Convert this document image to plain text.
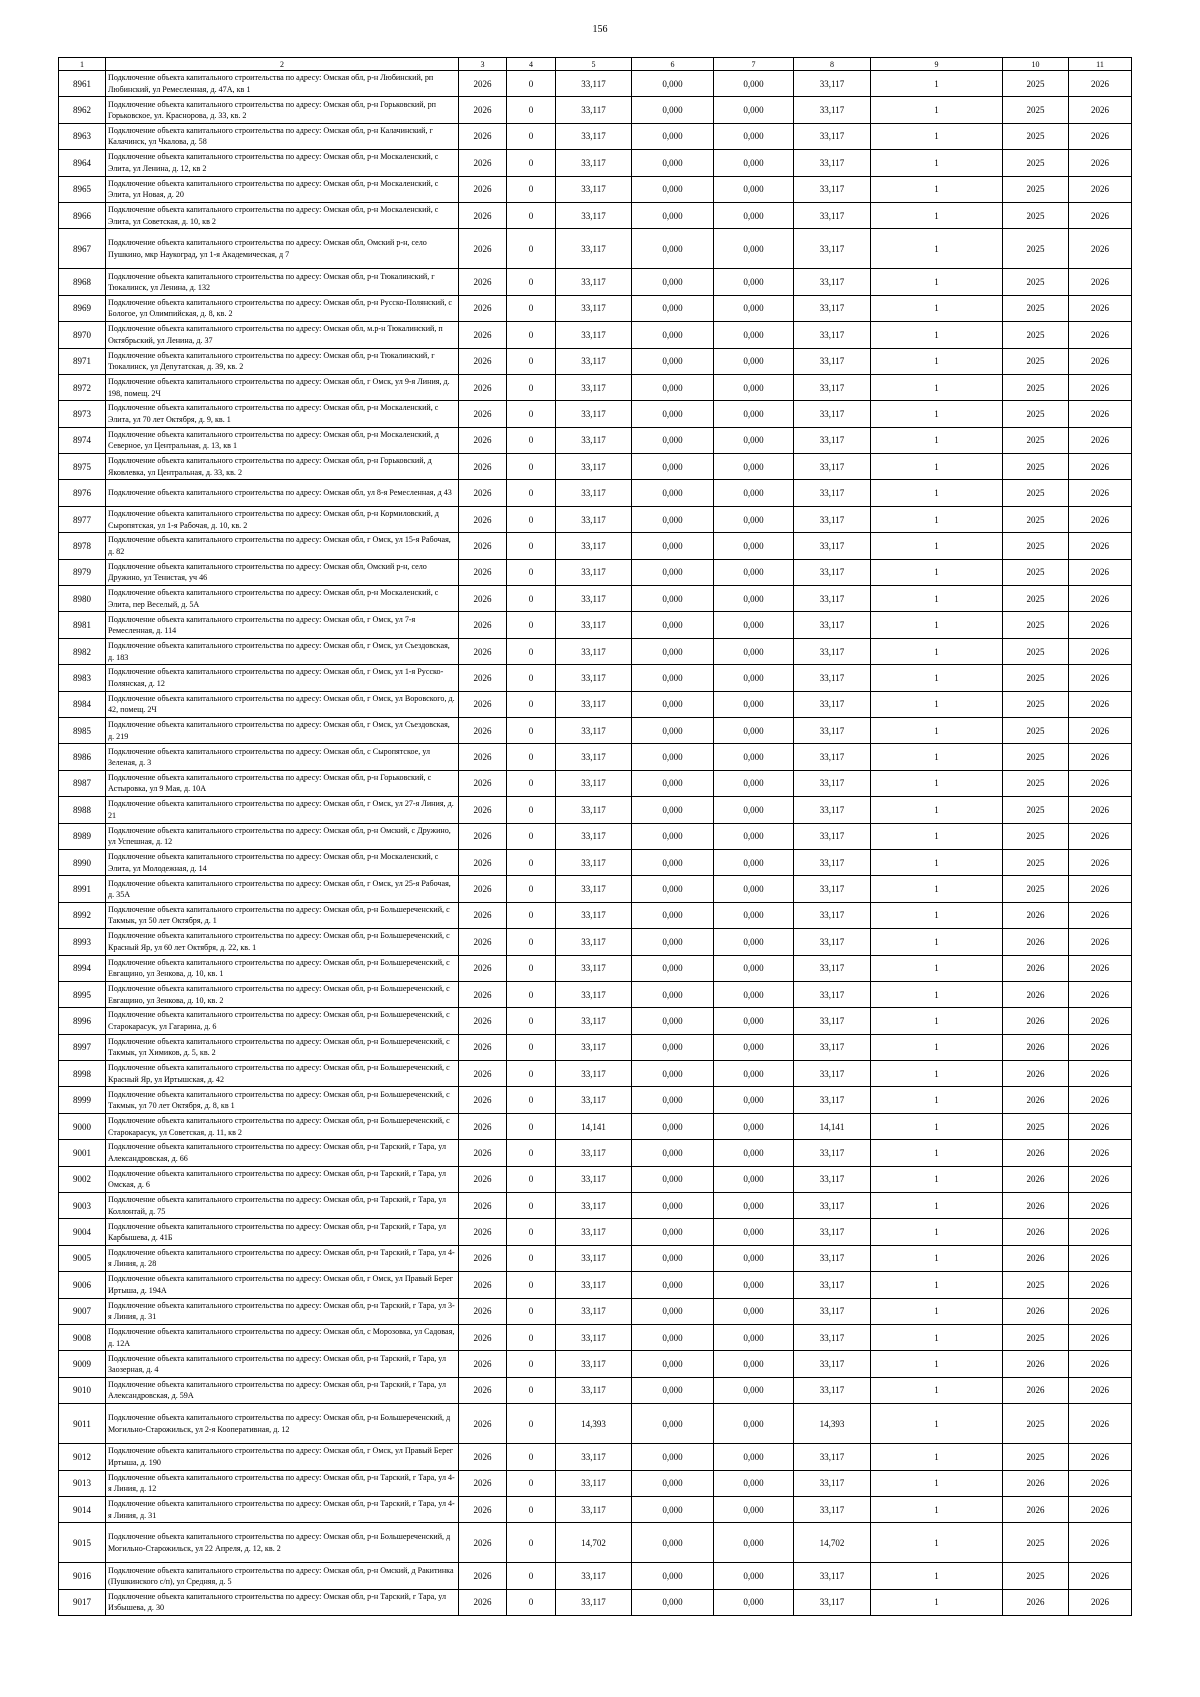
156
1	2	3	4	5	6	7	8	9	10	11
8961	Подключение объекта капитального строительства по адресу: Омская обл, р-н Любинский, рп Любинский, ул Ремесленная, д. 47А, кв 1	2026	0	33,117	0,000	0,000	33,117	1	2025	2026
8962	Подключение объекта капитального строительства по адресу: Омская обл, р-н Горьковский, рп Горьковское, ул. Краснорова, д. 33, кв. 2	2026	0	33,117	0,000	0,000	33,117	1	2025	2026
8963	Подключение объекта капитального строительства по адресу: Омская обл, р-н Калачинский, г Калачинск, ул Чкалова, д. 58	2026	0	33,117	0,000	0,000	33,117	1	2025	2026
8964	Подключение объекта капитального строительства по адресу: Омская обл, р-н Москаленский, с Элита, ул Ленина, д. 12, кв 2	2026	0	33,117	0,000	0,000	33,117	1	2025	2026
8965	Подключение объекта капитального строительства по адресу: Омская обл, р-н Москаленский, с Элита, ул Новая, д. 20	2026	0	33,117	0,000	0,000	33,117	1	2025	2026
8966	Подключение объекта капитального строительства по адресу: Омская обл, р-н Москаленский, с Элита, ул Советская, д. 10, кв 2	2026	0	33,117	0,000	0,000	33,117	1	2025	2026
8967	Подключение объекта капитального строительства по адресу: Омская обл, Омский р-н, село Пушкино, мкр Наукоград, ул 1-я Академическая, д 7	2026	0	33,117	0,000	0,000	33,117	1	2025	2026
8968	Подключение объекта капитального строительства по адресу: Омская обл, р-н Тюкалинский, г Тюкалинск, ул Ленина, д. 132	2026	0	33,117	0,000	0,000	33,117	1	2025	2026
8969	Подключение объекта капитального строительства по адресу: Омская обл, р-н Русско-Полянский, с Бологое, ул Олимпийская, д. 8, кв. 2	2026	0	33,117	0,000	0,000	33,117	1	2025	2026
8970	Подключение объекта капитального строительства по адресу: Омская обл, м.р-н Тюкалинский, п Октябрьский, ул Ленина, д. 37	2026	0	33,117	0,000	0,000	33,117	1	2025	2026
8971	Подключение объекта капитального строительства по адресу: Омская обл, р-н Тюкалинский, г Тюкалинск, ул Депутатская, д. 39, кв. 2	2026	0	33,117	0,000	0,000	33,117	1	2025	2026
8972	Подключение объекта капитального строительства по адресу: Омская обл, г Омск, ул 9-я Линия, д. 198, помещ. 2Ч	2026	0	33,117	0,000	0,000	33,117	1	2025	2026
8973	Подключение объекта капитального строительства по адресу: Омская обл, р-н Москаленский, с Элита, ул 70 лет Октября, д. 9, кв. 1	2026	0	33,117	0,000	0,000	33,117	1	2025	2026
8974	Подключение объекта капитального строительства по адресу: Омская обл, р-н Москаленский, д Северное, ул Центральная, д. 13, кв 1	2026	0	33,117	0,000	0,000	33,117	1	2025	2026
8975	Подключение объекта капитального строительства по адресу: Омская обл, р-н Горьковский, д Яковлевка, ул Центральная, д. 33, кв. 2	2026	0	33,117	0,000	0,000	33,117	1	2025	2026
8976	Подключение объекта капитального строительства по адресу: Омская обл, ул 8-я Ремесленная, д 43	2026	0	33,117	0,000	0,000	33,117	1	2025	2026
8977	Подключение объекта капитального строительства по адресу: Омская обл, р-н Кормиловский, д Сыропятская, ул 1-я Рабочая, д. 10, кв. 2	2026	0	33,117	0,000	0,000	33,117	1	2025	2026
8978	Подключение объекта капитального строительства по адресу: Омская обл, г Омск, ул 15-я Рабочая, д. 82	2026	0	33,117	0,000	0,000	33,117	1	2025	2026
8979	Подключение объекта капитального строительства по адресу: Омская обл, Омский р-н, село Дружино, ул Тенистая, уч 46	2026	0	33,117	0,000	0,000	33,117	1	2025	2026
8980	Подключение объекта капитального строительства по адресу: Омская обл, р-н Москаленский, с Элита, пер Веселый, д. 5А	2026	0	33,117	0,000	0,000	33,117	1	2025	2026
8981	Подключение объекта капитального строительства по адресу: Омская обл, г Омск, ул 7-я Ремесленная, д. 114	2026	0	33,117	0,000	0,000	33,117	1	2025	2026
8982	Подключение объекта капитального строительства по адресу: Омская обл, г Омск, ул Съездовская, д. 183	2026	0	33,117	0,000	0,000	33,117	1	2025	2026
8983	Подключение объекта капитального строительства по адресу: Омская обл, г Омск, ул 1-я Русско-Полянская, д. 12	2026	0	33,117	0,000	0,000	33,117	1	2025	2026
8984	Подключение объекта капитального строительства по адресу: Омская обл, г Омск, ул Воровского, д. 42, помещ. 2Ч	2026	0	33,117	0,000	0,000	33,117	1	2025	2026
8985	Подключение объекта капитального строительства по адресу: Омская обл, г Омск, ул Съездовская, д. 219	2026	0	33,117	0,000	0,000	33,117	1	2025	2026
8986	Подключение объекта капитального строительства по адресу: Омская обл, с Сыропятское, ул Зеленая, д. 3	2026	0	33,117	0,000	0,000	33,117	1	2025	2026
8987	Подключение объекта капитального строительства по адресу: Омская обл, р-н Горьковский, с Астыровка, ул 9 Мая, д. 10А	2026	0	33,117	0,000	0,000	33,117	1	2025	2026
8988	Подключение объекта капитального строительства по адресу: Омская обл, г Омск, ул 27-я Линия, д. 21	2026	0	33,117	0,000	0,000	33,117	1	2025	2026
8989	Подключение объекта капитального строительства по адресу: Омская обл, р-н Омский, с Дружино, ул Успешная, д. 12	2026	0	33,117	0,000	0,000	33,117	1	2025	2026
8990	Подключение объекта капитального строительства по адресу: Омская обл, р-н Москаленский, с Элита, ул Молодежная, д. 14	2026	0	33,117	0,000	0,000	33,117	1	2025	2026
8991	Подключение объекта капитального строительства по адресу: Омская обл, г Омск, ул 25-я Рабочая, д. 35А	2026	0	33,117	0,000	0,000	33,117	1	2025	2026
8992	Подключение объекта капитального строительства по адресу: Омская обл, р-н Большереченский, с Такмык, ул 50 лет Октября, д. 1	2026	0	33,117	0,000	0,000	33,117	1	2026	2026
8993	Подключение объекта капитального строительства по адресу: Омская обл, р-н Большереченский, с Красный Яр, ул 60 лет Октября, д. 22, кв. 1	2026	0	33,117	0,000	0,000	33,117	1	2026	2026
8994	Подключение объекта капитального строительства по адресу: Омская обл, р-н Большереченский, с Евгащино, ул Зенкова, д. 10, кв. 1	2026	0	33,117	0,000	0,000	33,117	1	2026	2026
8995	Подключение объекта капитального строительства по адресу: Омская обл, р-н Большереченский, с Евгащино, ул Зенкова, д. 10, кв. 2	2026	0	33,117	0,000	0,000	33,117	1	2026	2026
8996	Подключение объекта капитального строительства по адресу: Омская обл, р-н Большереченский, с Старокарасук, ул Гагарина, д. 6	2026	0	33,117	0,000	0,000	33,117	1	2026	2026
8997	Подключение объекта капитального строительства по адресу: Омская обл, р-н Большереченский, с Такмык, ул Химиков, д. 5, кв. 2	2026	0	33,117	0,000	0,000	33,117	1	2026	2026
8998	Подключение объекта капитального строительства по адресу: Омская обл, р-н Большереченский, с Красный Яр, ул Иртышская, д. 42	2026	0	33,117	0,000	0,000	33,117	1	2026	2026
8999	Подключение объекта капитального строительства по адресу: Омская обл, р-н Большереченский, с Такмык, ул 70 лет Октября, д. 8, кв 1	2026	0	33,117	0,000	0,000	33,117	1	2026	2026
9000	Подключение объекта капитального строительства по адресу: Омская обл, р-н Большереченский, с Старокарасук, ул Советская, д. 11, кв 2	2026	0	14,141	0,000	0,000	14,141	1	2025	2026
9001	Подключение объекта капитального строительства по адресу: Омская обл, р-н Тарский, г Тара, ул Александровская, д. 66	2026	0	33,117	0,000	0,000	33,117	1	2026	2026
9002	Подключение объекта капитального строительства по адресу: Омская обл, р-н Тарский, г Тара, ул Омская, д. 6	2026	0	33,117	0,000	0,000	33,117	1	2026	2026
9003	Подключение объекта капитального строительства по адресу: Омская обл, р-н Тарский, г Тара, ул Коллонтай, д. 75	2026	0	33,117	0,000	0,000	33,117	1	2026	2026
9004	Подключение объекта капитального строительства по адресу: Омская обл, р-н Тарский, г Тара, ул Карбышева, д. 41Б	2026	0	33,117	0,000	0,000	33,117	1	2026	2026
9005	Подключение объекта капитального строительства по адресу: Омская обл, р-н Тарский, г Тара, ул 4-я Линия, д. 28	2026	0	33,117	0,000	0,000	33,117	1	2026	2026
9006	Подключение объекта капитального строительства по адресу: Омская обл, г Омск, ул Правый Берег Иртыша, д. 194А	2026	0	33,117	0,000	0,000	33,117	1	2025	2026
9007	Подключение объекта капитального строительства по адресу: Омская обл, р-н Тарский, г Тара, ул 3-я Линия, д. 31	2026	0	33,117	0,000	0,000	33,117	1	2026	2026
9008	Подключение объекта капитального строительства по адресу: Омская обл, с Морозовка, ул Садовая, д. 12А	2026	0	33,117	0,000	0,000	33,117	1	2025	2026
9009	Подключение объекта капитального строительства по адресу: Омская обл, р-н Тарский, г Тара, ул Заозерная, д. 4	2026	0	33,117	0,000	0,000	33,117	1	2026	2026
9010	Подключение объекта капитального строительства по адресу: Омская обл, р-н Тарский, г Тара, ул Александровская, д. 59А	2026	0	33,117	0,000	0,000	33,117	1	2026	2026
9011	Подключение объекта капитального строительства по адресу: Омская обл, р-н Большереченский, д Могильно-Старожильск, ул 2-я Кооперативная, д. 12	2026	0	14,393	0,000	0,000	14,393	1	2025	2026
9012	Подключение объекта капитального строительства по адресу: Омская обл, г Омск, ул Правый Берег Иртыша, д. 190	2026	0	33,117	0,000	0,000	33,117	1	2025	2026
9013	Подключение объекта капитального строительства по адресу: Омская обл, р-н Тарский, г Тара, ул 4-я Линия, д. 12	2026	0	33,117	0,000	0,000	33,117	1	2026	2026
9014	Подключение объекта капитального строительства по адресу: Омская обл, р-н Тарский, г Тара, ул 4-я Линия, д. 31	2026	0	33,117	0,000	0,000	33,117	1	2026	2026
9015	Подключение объекта капитального строительства по адресу: Омская обл, р-н Большереченский, д Могильно-Старожильск, ул 22 Апреля, д. 12, кв. 2	2026	0	14,702	0,000	0,000	14,702	1	2025	2026
9016	Подключение объекта капитального строительства по адресу: Омская обл, р-н Омский, д Ракитинка (Пушкинского с/п), ул Средняя, д. 5	2026	0	33,117	0,000	0,000	33,117	1	2025	2026
9017	Подключение объекта капитального строительства по адресу: Омская обл, р-н Тарский, г Тара, ул Избышева, д. 30	2026	0	33,117	0,000	0,000	33,117	1	2026	2026
